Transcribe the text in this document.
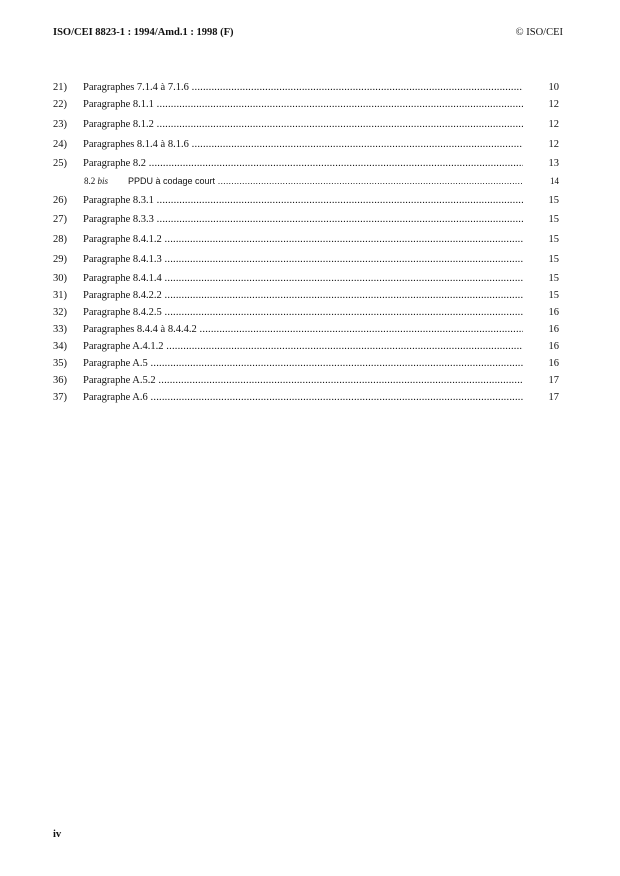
ISO/CEI 8823-1 : 1994/Amd.1 : 1998 (F)	© ISO/CEI
21) Paragraphes 7.1.4 à 7.1.6 .....	10
22) Paragraphe 8.1.1 .....	12
23) Paragraphe 8.1.2 .....	12
24) Paragraphes 8.1.4 à 8.1.6 .....	12
25) Paragraphe 8.2 .....	13
8.2 bis PPDU à codage court .....	14
26) Paragraphe 8.3.1 .....	15
27) Paragraphe 8.3.3 .....	15
28) Paragraphe 8.4.1.2 .....	15
29) Paragraphe 8.4.1.3 .....	15
30) Paragraphe 8.4.1.4 .....	15
31) Paragraphe 8.4.2.2 .....	15
32) Paragraphe 8.4.2.5 .....	16
33) Paragraphes 8.4.4 à 8.4.4.2 .....	16
34) Paragraphe A.4.1.2 .....	16
35) Paragraphe A.5 .....	16
36) Paragraphe A.5.2 .....	17
37) Paragraphe A.6 .....	17
iv
